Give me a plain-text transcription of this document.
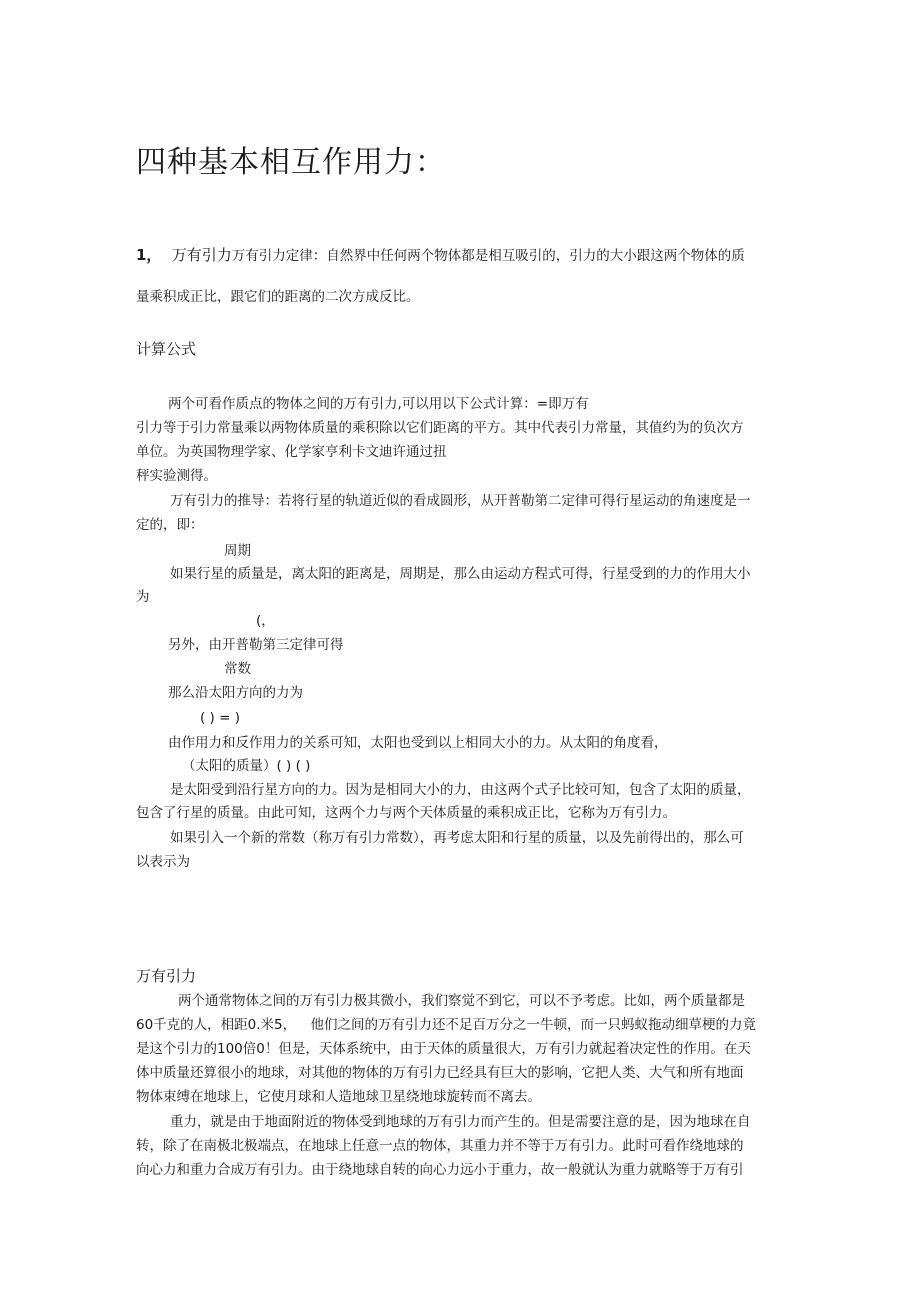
四种基本相互作用力：

1， 万有引力万有引力定律：自然界中任何两个物体都是相互吸引的，引力的大小跟这两个物体的质

量乘积成正比，跟它们的距离的二次方成反比。

计算公式

两个可看作质点的物体之间的万有引力,可以用以下公式计算：=即万有

引力等于引力常量乘以两物体质量的乘积除以它们距离的平方。其中代表引力常量，其值约为的负次方

单位。为英国物理学家、化学家亨利卡文迪许通过扭

秤实验测得。

万有引力的推导：若将行星的轨道近似的看成圆形，从开普勒第二定律可得行星运动的角速度是一

定的，即：

周期

如果行星的质量是，离太阳的距离是，周期是，那么由运动方程式可得，行星受到的力的作用大小

为

(，

另外，由开普勒第三定律可得

常数

那么沿太阳方向的力为

( ) = )

由作用力和反作用力的关系可知，太阳也受到以上相同大小的力。从太阳的角度看，

（太阳的质量）( ) ( )

是太阳受到沿行星方向的力。因为是相同大小的力，由这两个式子比较可知，包含了太阳的质量，

包含了行星的质量。由此可知，这两个力与两个天体质量的乘积成正比，它称为万有引力。

如果引入一个新的常数（称万有引力常数），再考虑太阳和行星的质量，以及先前得出的，那么可

以表示为

万有引力

两个通常物体之间的万有引力极其微小，我们察觉不到它，可以不予考虑。比如，两个质量都是

60千克的人，相距0.米5， 他们之间的万有引力还不足百万分之一牛顿，而一只蚂蚁拖动细草梗的力竟

是这个引力的100倍0！但是，天体系统中，由于天体的质量很大，万有引力就起着决定性的作用。在天

体中质量还算很小的地球，对其他的物体的万有引力已经具有巨大的影响，它把人类、大气和所有地面

物体束缚在地球上，它使月球和人造地球卫星绕地球旋转而不离去。

重力，就是由于地面附近的物体受到地球的万有引力而产生的。但是需要注意的是，因为地球在自

转，除了在南极北极端点，在地球上任意一点的物体，其重力并不等于万有引力。此时可看作绕地球的

向心力和重力合成万有引力。由于绕地球自转的向心力远小于重力，故一般就认为重力就略等于万有引
